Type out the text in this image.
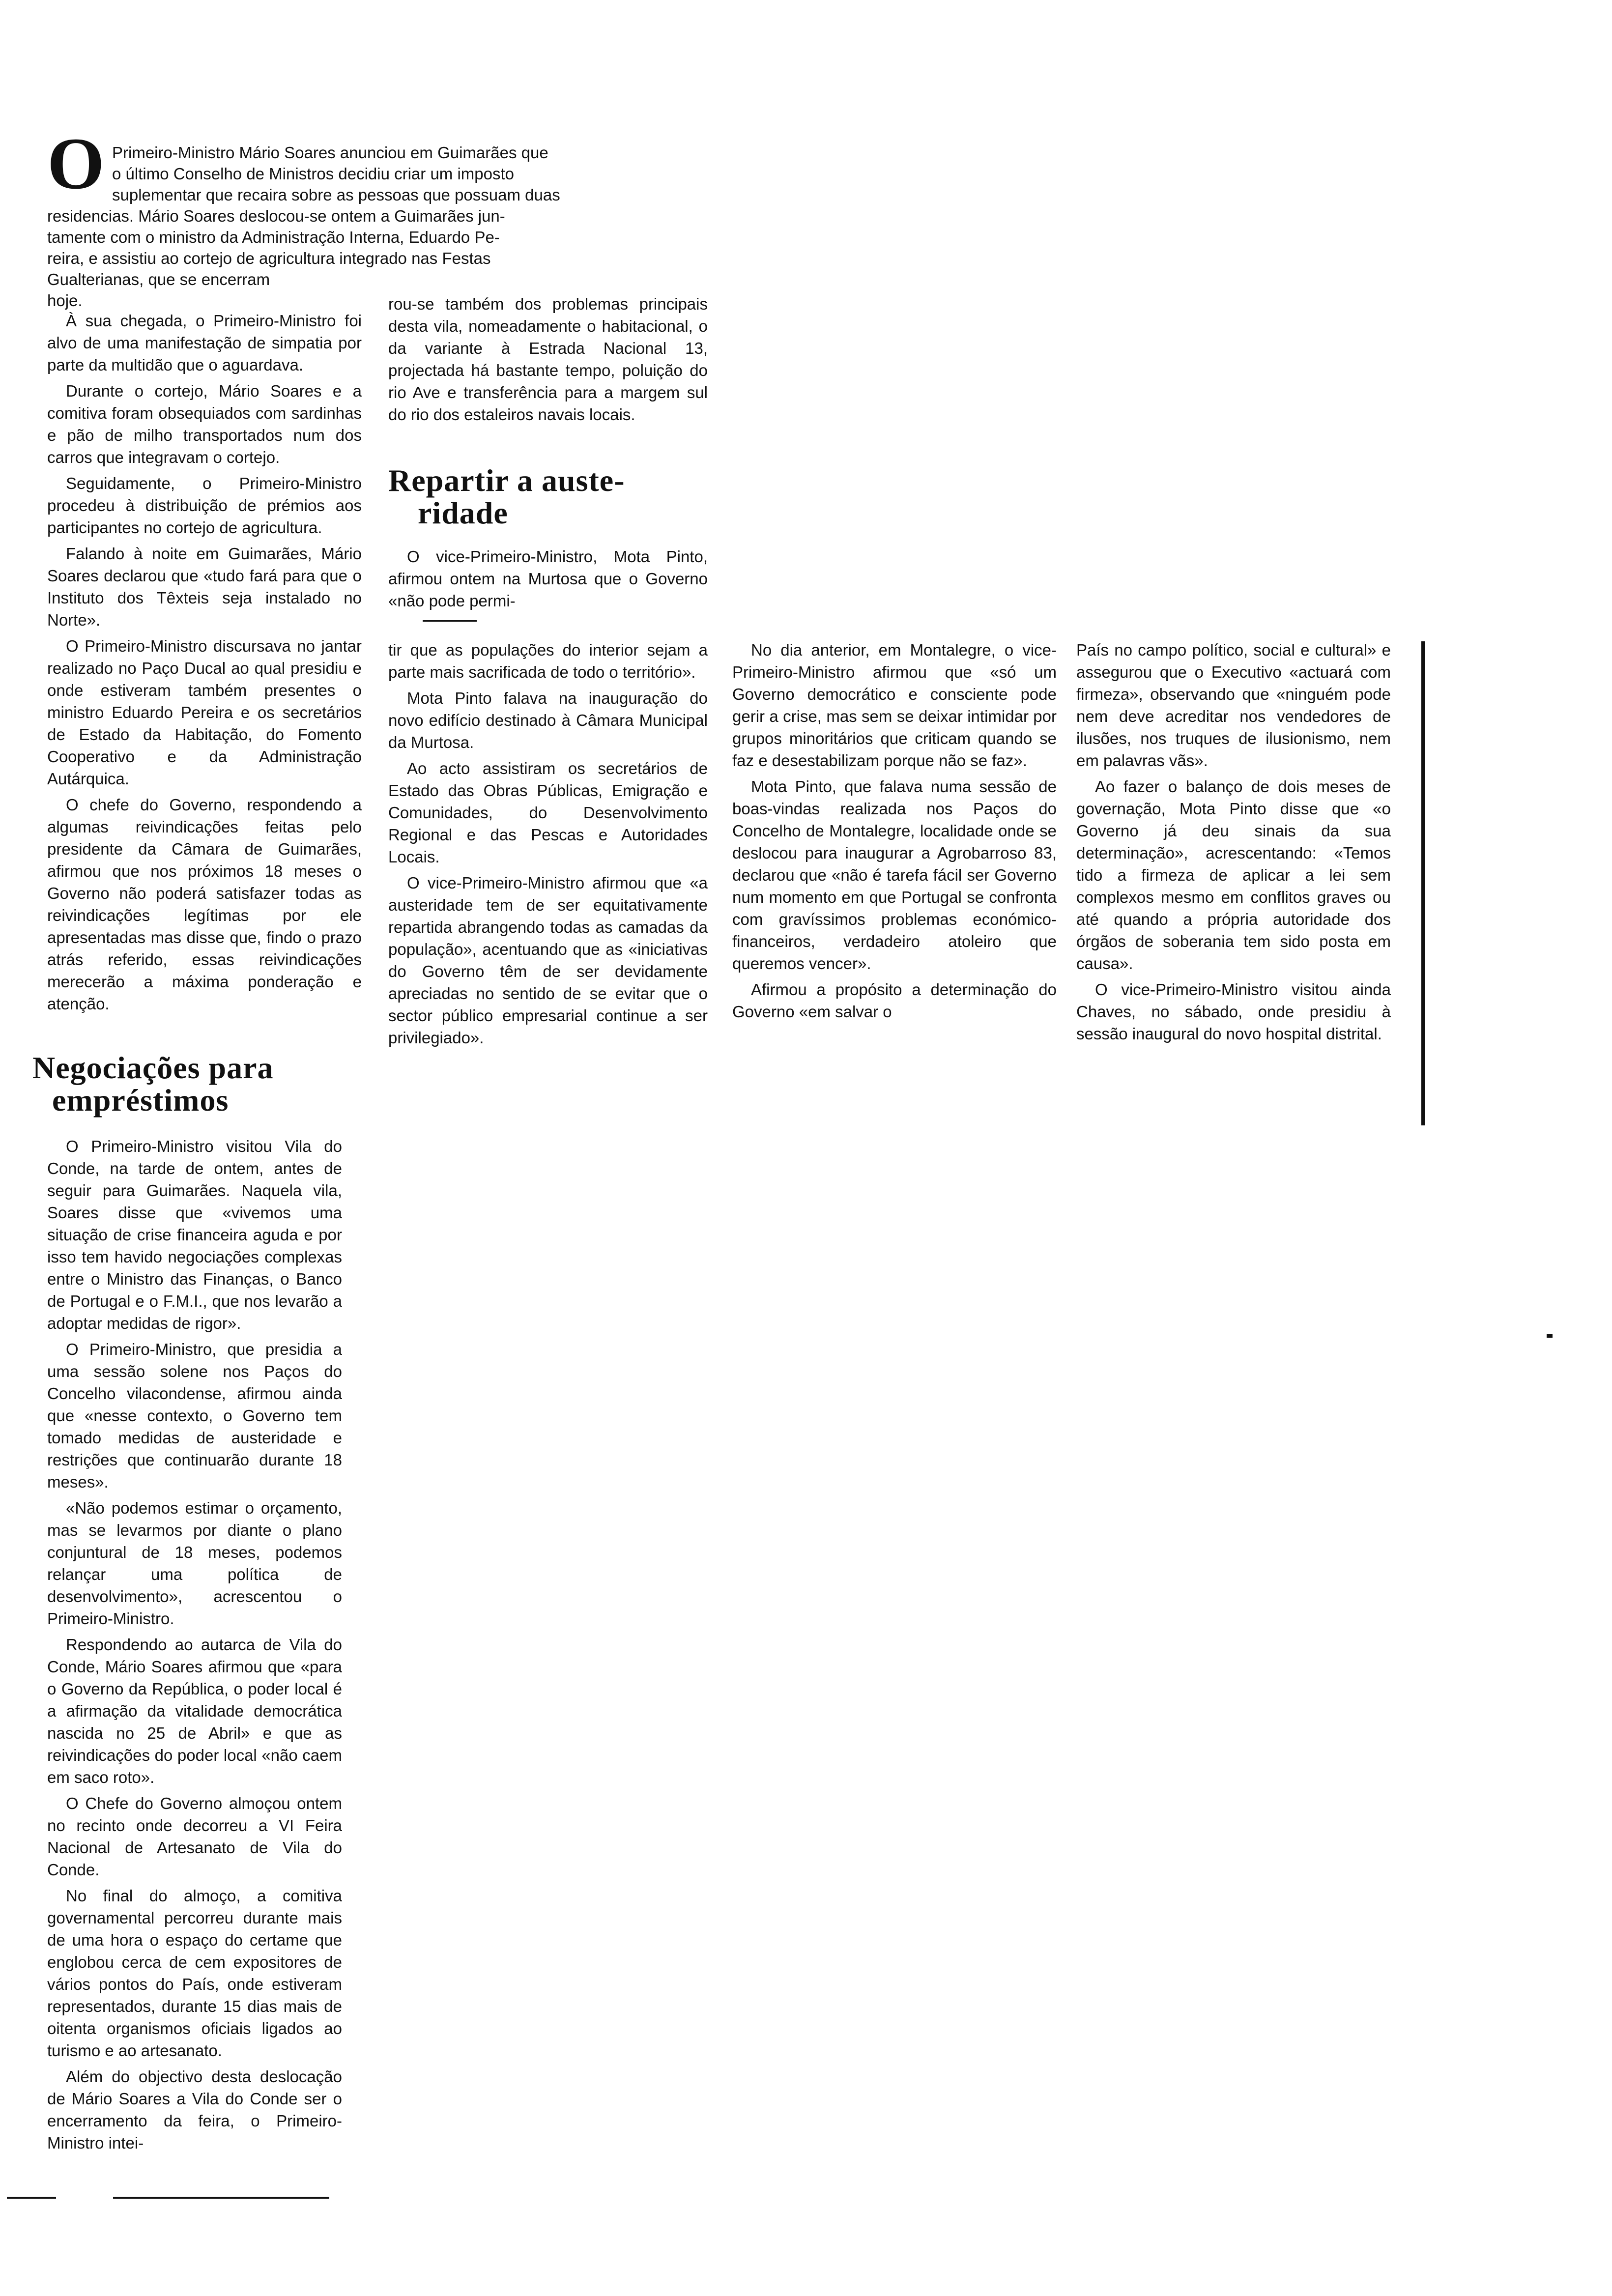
O Primeiro-Ministro Mário Soares anunciou em Guimarães que
o último Conselho de Ministros decidiu criar um imposto
suplementar que recaira sobre as pessoas que possuam duas
residencias. Mário Soares deslocou-se ontem a Guimarães jun-
tamente com o ministro da Administração Interna, Eduardo Pe-
reira, e assistiu ao cortejo de agricultura integrado nas Festas
Gualterianas, que se encerram
hoje.

À sua chegada, o Primeiro-Ministro foi alvo de uma manifestação de simpatia por parte da multidão que o aguardava.

Durante o cortejo, Mário Soares e a comitiva foram obsequiados com sardinhas e pão de milho transportados num dos carros que integravam o cortejo.

Seguidamente, o Primeiro-Ministro procedeu à distribuição de prémios aos participantes no cortejo de agricultura.

Falando à noite em Guimarães, Mário Soares declarou que «tudo fará para que o Instituto dos Têxteis seja instalado no Norte».

O Primeiro-Ministro discursava no jantar realizado no Paço Ducal ao qual presidiu e onde estiveram também presentes o ministro Eduardo Pereira e os secretários de Estado da Habitação, do Fomento Cooperativo e da Administração Autárquica.

O chefe do Governo, respondendo a algumas reivindicações feitas pelo presidente da Câmara de Guimarães, afirmou que nos próximos 18 meses o Governo não poderá satisfazer todas as reivindicações legítimas por ele apresentadas mas disse que, findo o prazo atrás referido, essas reivindicações merecerão a máxima ponderação e atenção.

Negociações para
empréstimos

O Primeiro-Ministro visitou Vila do Conde, na tarde de ontem, antes de seguir para Guimarães. Naquela vila, Soares disse que «vivemos uma situação de crise financeira aguda e por isso tem havido negociações complexas entre o Ministro das Finanças, o Banco de Portugal e o F.M.I., que nos levarão a adoptar medidas de rigor».

O Primeiro-Ministro, que presidia a uma sessão solene nos Paços do Concelho vilacondense, afirmou ainda que «nesse contexto, o Governo tem tomado medidas de austeridade e restrições que continuarão durante 18 meses».

«Não podemos estimar o orçamento, mas se levarmos por diante o plano conjuntural de 18 meses, podemos relançar uma política de desenvolvimento», acrescentou o Primeiro-Ministro.

Respondendo ao autarca de Vila do Conde, Mário Soares afirmou que «para o Governo da República, o poder local é a afirmação da vitalidade democrática nascida no 25 de Abril» e que as reivindicações do poder local «não caem em saco roto».

O Chefe do Governo almoçou ontem no recinto onde decorreu a VI Feira Nacional de Artesanato de Vila do Conde.

No final do almoço, a comitiva governamental percorreu durante mais de uma hora o espaço do certame que englobou cerca de cem expositores de vários pontos do País, onde estiveram representados, durante 15 dias mais de oitenta organismos oficiais ligados ao turismo e ao artesanato.

Além do objectivo desta deslocação de Mário Soares a Vila do Conde ser o encerramento da feira, o Primeiro-Ministro intei-

rou-se também dos problemas principais desta vila, nomeadamente o habitacional, o da variante à Estrada Nacional 13, projectada há bastante tempo, poluição do rio Ave e transferência para a margem sul do rio dos estaleiros navais locais.

Repartir a auste-
ridade

O vice-Primeiro-Ministro, Mota Pinto, afirmou ontem na Murtosa que o Governo «não pode permi-

tir que as populações do interior sejam a parte mais sacrificada de todo o território».

Mota Pinto falava na inauguração do novo edifício destinado à Câmara Municipal da Murtosa.

Ao acto assistiram os secretários de Estado das Obras Públicas, Emigração e Comunidades, do Desenvolvimento Regional e das Pescas e Autoridades Locais.

O vice-Primeiro-Ministro afirmou que «a austeridade tem de ser equitativamente repartida abrangendo todas as camadas da população», acentuando que as «iniciativas do Governo têm de ser devidamente apreciadas no sentido de se evitar que o sector público empresarial continue a ser privilegiado».

No dia anterior, em Montalegre, o vice-Primeiro-Ministro afirmou que «só um Governo democrático e consciente pode gerir a crise, mas sem se deixar intimidar por grupos minoritários que criticam quando se faz e desestabilizam porque não se faz».

Mota Pinto, que falava numa sessão de boas-vindas realizada nos Paços do Concelho de Montalegre, localidade onde se deslocou para inaugurar a Agrobarroso 83, declarou que «não é tarefa fácil ser Governo num momento em que Portugal se confronta com gravíssimos problemas económico-financeiros, verdadeiro atoleiro que queremos vencer».

Afirmou a propósito a determinação do Governo «em salvar o

País no campo político, social e cultural» e assegurou que o Executivo «actuará com firmeza», observando que «ninguém pode nem deve acreditar nos vendedores de ilusões, nos truques de ilusionismo, nem em palavras vãs».

Ao fazer o balanço de dois meses de governação, Mota Pinto disse que «o Governo já deu sinais da sua determinação», acrescentando: «Temos tido a firmeza de aplicar a lei sem complexos mesmo em conflitos graves ou até quando a própria autoridade dos órgãos de soberania tem sido posta em causa».

O vice-Primeiro-Ministro visitou ainda Chaves, no sábado, onde presidiu à sessão inaugural do novo hospital distrital.
